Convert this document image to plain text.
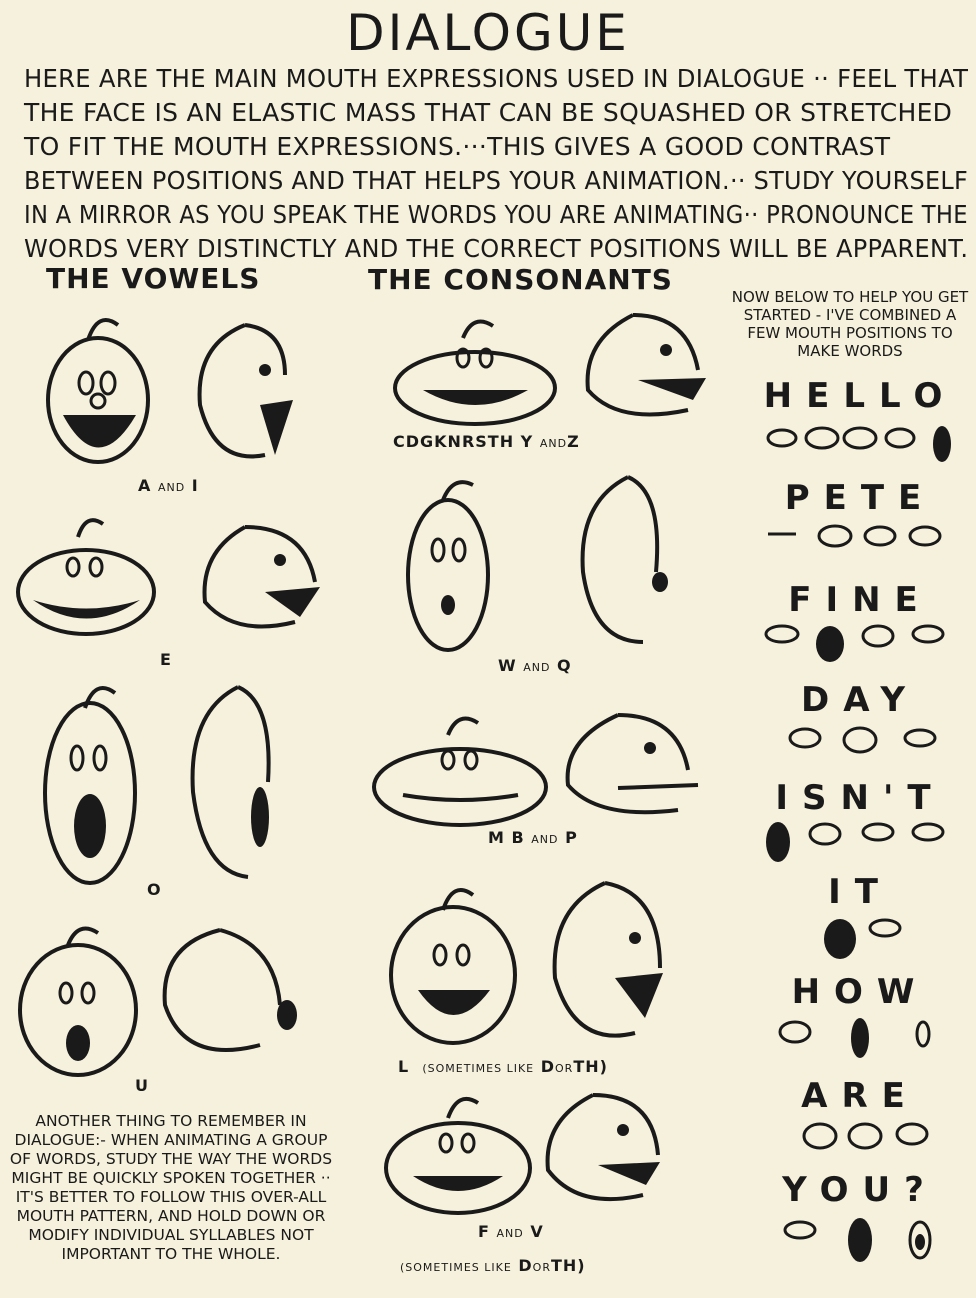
DIALOGUE
HERE ARE THE MAIN MOUTH EXPRESSIONS USED IN DIALOGUE ·· FEEL THAT
THE FACE IS AN ELASTIC MASS THAT CAN BE SQUASHED OR STRETCHED
TO FIT THE MOUTH EXPRESSIONS.···THIS GIVES A GOOD CONTRAST
BETWEEN POSITIONS AND THAT HELPS YOUR ANIMATION.·· STUDY YOURSELF
IN A MIRROR AS YOU SPEAK THE WORDS YOU ARE ANIMATING·· PRONOUNCE THE
WORDS VERY DISTINCTLY AND THE CORRECT POSITIONS WILL BE APPARENT.
THE VOWELS
A AND I
E
O
U
ANOTHER THING TO REMEMBER IN DIALOGUE:- WHEN ANIMATING A GROUP OF WORDS, STUDY THE WAY THE WORDS MIGHT BE QUICKLY SPOKEN TOGETHER ·· IT'S BETTER TO FOLLOW THIS OVER-ALL MOUTH PATTERN, AND HOLD DOWN OR MODIFY INDIVIDUAL SYLLABLES NOT IMPORTANT TO THE WHOLE.
THE CONSONANTS
CDGKNRSTH Y ANDZ
W AND Q
M B AND P
L (SOMETIMES LIKE DORTH)
F AND V
(SOMETIMES LIKE DORTH)
NOW BELOW TO HELP YOU GET STARTED - I'VE COMBINED A FEW MOUTH POSITIONS TO MAKE WORDS
HELLO
PETE
FINE
DAY
ISN'T
IT
HOW
ARE
YOU?
